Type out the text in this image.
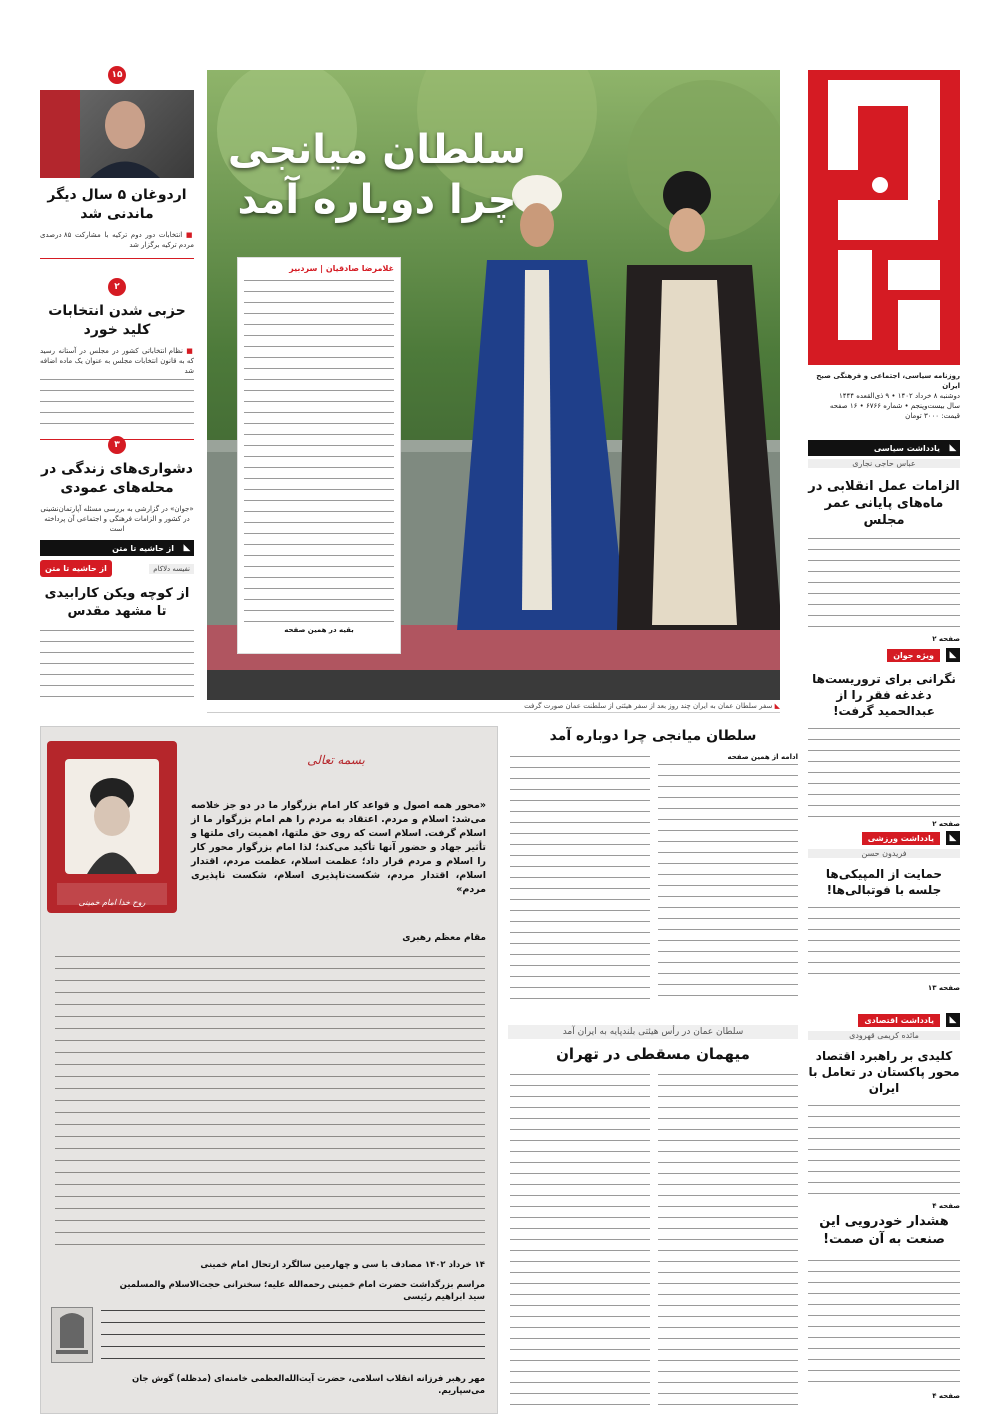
روزنامه سیاسی، اجتماعی و فرهنگی صبح ایران
دوشنبه ۸ خرداد ۱۴۰۲ • ۹ ذی‌القعده ۱۴۴۴
سال بیست‌وپنجم • شماره ۶۷۶۶ • ۱۶ صفحه
قیمت: ۳۰۰۰ تومان
◣
یادداشت سیاسی
عباس حاجی نجاری
الزامات عمل انقلابی در ماه‌های پایانی عمر مجلس
صفحه ۲
◣
ویژه جوان
نگرانی برای تروریست‌ها دغدغه فقر را از عبدالحمید گرفت!
صفحه ۲
◣
یادداشت ورزشی
فریدون حسن
حمایت از المپیکی‌ها جلسه با فوتبالی‌ها!
صفحه ۱۳
◣
یادداشت اقتصادی
مائده کریمی قهرودی
کلیدی بر راهبرد اقتصاد محور پاکستان در تعامل با ایران
صفحه ۴
هشدار خودرویی این صنعت به آن صمت!
صفحه ۴
سلطان میانجی
چرا دوباره آمد
غلامرضا صادقیان | سردبیر
بقیه در همین صفحه
◣ سفر سلطان عمان به ایران چند روز بعد از سفر هیئتی از سلطنت عمان صورت گرفت
۱۵
اردوغان ۵ سال دیگر ماندنی شد
■ انتخابات دور دوم ترکیه با مشارکت ۸۵ درصدی مردم ترکیه برگزار شد
۲
حزبی شدن انتخابات کلید خورد
■ نظام انتخاباتی کشور در مجلس در آستانه رسید که به قانون انتخابات مجلس به عنوان یک ماده اضافه شد
۳
دشواری‌های زندگی در محله‌های عمودی
«جوان» در گزارشی به بررسی مسئله آپارتمان‌نشینی در کشور و الزامات فرهنگی و اجتماعی آن پرداخته است
◣
از حاشیه تا متن
نفیسه دلاکام
از حاشیه تا متن
از کوچه ویکن کارابیدی تا مشهد مقدس
سلطان میانجی چرا دوباره آمد
ادامه از همین صفحه
سلطان عمان در رأس هیئتی بلندپایه به ایران آمد
میهمان مسقطی در تهران
روح خدا امام خمینی
بسمه تعالی
«محور همه اصول و قواعد کار امام بزرگوار ما در دو جز خلاصه می‌شد: اسلام و مردم. اعتقاد به مردم را هم امام بزرگوار ما از اسلام گرفت. اسلام است که روی حق ملتها، اهمیت رای ملتها و تأثیر جهاد و حضور آنها تأکید می‌کند؛ لذا امام بزرگوار محور کار را اسلام و مردم قرار داد؛ عظمت اسلام، عظمت مردم، اقتدار اسلام، اقتدار مردم، شکست‌ناپذیری اسلام، شکست ناپذیری مردم»
مقام معظم رهبری
۱۴ خرداد ۱۴۰۲ مصادف با سی و چهارمین سالگرد ارتحال امام خمینی
مراسم بزرگداشت حضرت امام خمینی رحمه‌الله علیه؛ سخنرانی حجت‌الاسلام والمسلمین سید ابراهیم رئیسی
مهر رهبر فرزانه انقلاب اسلامی، حضرت آیت‌الله‌العظمی خامنه‌ای (مدظله) گوش جان می‌سپاریم.
